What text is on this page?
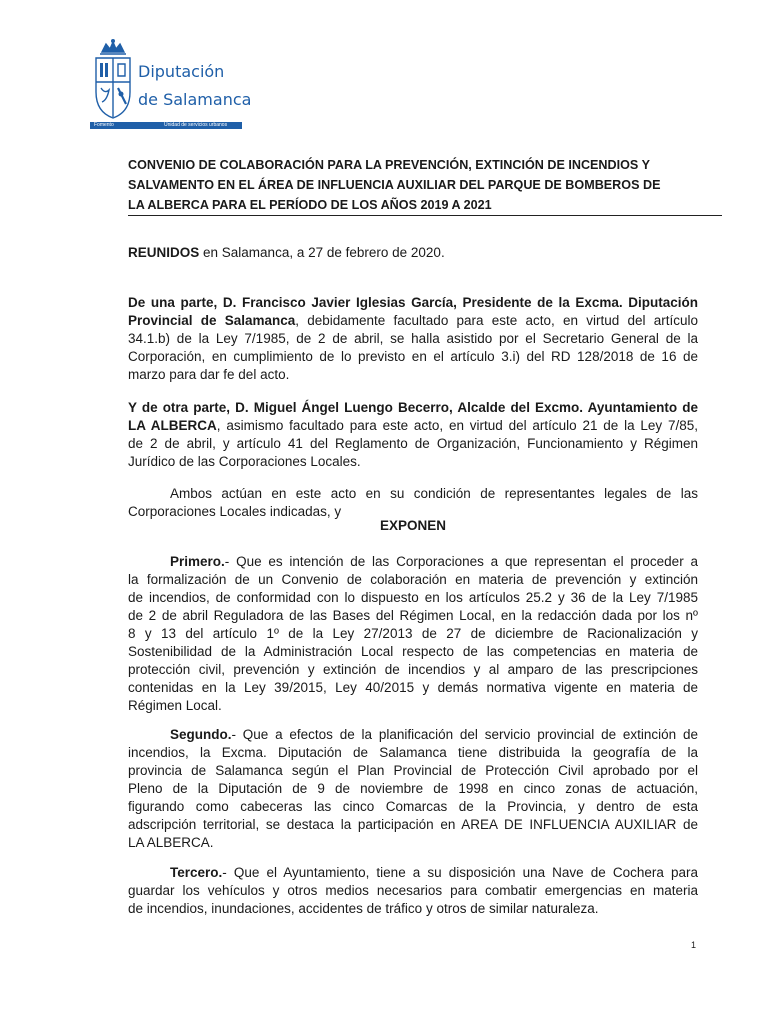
Diputación
de Salamanca
Fomento	Unidad de servicios urbanos
CONVENIO DE COLABORACIÓN PARA LA PREVENCIÓN, EXTINCIÓN DE INCENDIOS Y
SALVAMENTO EN EL ÁREA DE INFLUENCIA AUXILIAR DEL PARQUE DE BOMBEROS DE
LA ALBERCA PARA EL PERÍODO DE LOS AÑOS 2019 A 2021
REUNIDOS en Salamanca, a 27 de febrero de 2020.
De una parte, D. Francisco Javier Iglesias García, Presidente de la Excma. Diputación
Provincial de Salamanca, debidamente facultado para este acto, en virtud del artículo
34.1.b) de la Ley 7/1985, de 2 de abril, se halla asistido por el Secretario General de la
Corporación, en cumplimiento de lo previsto en el artículo 3.i) del RD 128/2018 de 16 de
marzo para dar fe del acto.
Y de otra parte, D. Miguel Ángel Luengo Becerro, Alcalde del Excmo. Ayuntamiento de
LA ALBERCA, asimismo facultado para este acto, en virtud del artículo 21 de la Ley 7/85,
de 2 de abril, y artículo 41 del Reglamento de Organización, Funcionamiento y Régimen
Jurídico de las Corporaciones Locales.
Ambos actúan en este acto en su condición de representantes legales de las
Corporaciones Locales indicadas, y
EXPONEN
Primero.- Que es intención de las Corporaciones a que representan el proceder a
la formalización de un Convenio de colaboración en materia de prevención y extinción
de incendios, de conformidad con lo dispuesto en los artículos 25.2 y 36 de la Ley 7/1985
de 2 de abril Reguladora de las Bases del Régimen Local, en la redacción dada por los nº
8 y 13 del artículo 1º de la Ley 27/2013 de 27 de diciembre de Racionalización y
Sostenibilidad de la Administración Local respecto de las competencias en materia de
protección civil, prevención y extinción de incendios y al amparo de las prescripciones
contenidas en la Ley 39/2015, Ley 40/2015 y demás normativa vigente en materia de
Régimen Local.
Segundo.- Que a efectos de la planificación del servicio provincial de extinción de
incendios, la Excma. Diputación de Salamanca tiene distribuida la geografía de la
provincia de Salamanca según el Plan Provincial de Protección Civil aprobado por el
Pleno de la Diputación de 9 de noviembre de 1998 en cinco zonas de actuación,
figurando como cabeceras las cinco Comarcas de la Provincia, y dentro de esta
adscripción territorial, se destaca la participación en AREA DE INFLUENCIA AUXILIAR de
LA ALBERCA.
Tercero.- Que el Ayuntamiento, tiene a su disposición una Nave de Cochera para
guardar los vehículos y otros medios necesarios para combatir emergencias en materia
de incendios, inundaciones, accidentes de tráfico y otros de similar naturaleza.
1
